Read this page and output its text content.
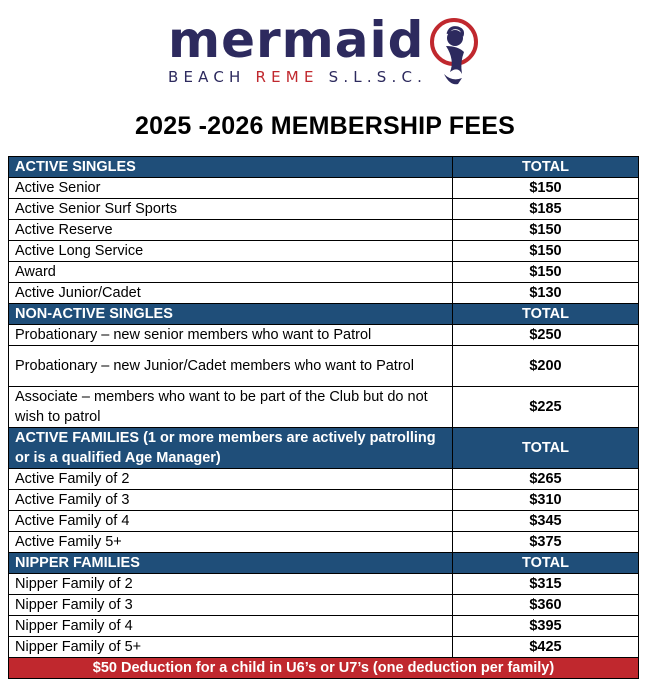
mermaid
BEACH REME S.L.S.C.
2025 -2026 MEMBERSHIP FEES
ACTIVE SINGLES	TOTAL
Active Senior	$150
Active Senior Surf Sports	$185
Active Reserve	$150
Active Long Service	$150
Award	$150
Active Junior/Cadet	$130
NON-ACTIVE SINGLES	TOTAL
Probationary – new senior members who want to Patrol	$250
Probationary – new Junior/Cadet members who want to Patrol	$200
Associate – members who want to be part of the Club but do not wish to patrol	$225
ACTIVE FAMILIES (1 or more members are actively patrolling or is a qualified Age Manager)	TOTAL
Active Family of 2	$265
Active Family of 3	$310
Active Family of 4	$345
Active Family 5+	$375
NIPPER FAMILIES	TOTAL
Nipper Family of 2	$315
Nipper Family of 3	$360
Nipper Family of 4	$395
Nipper Family of 5+	$425
$50 Deduction for a child in U6’s or U7’s (one deduction per family)	
